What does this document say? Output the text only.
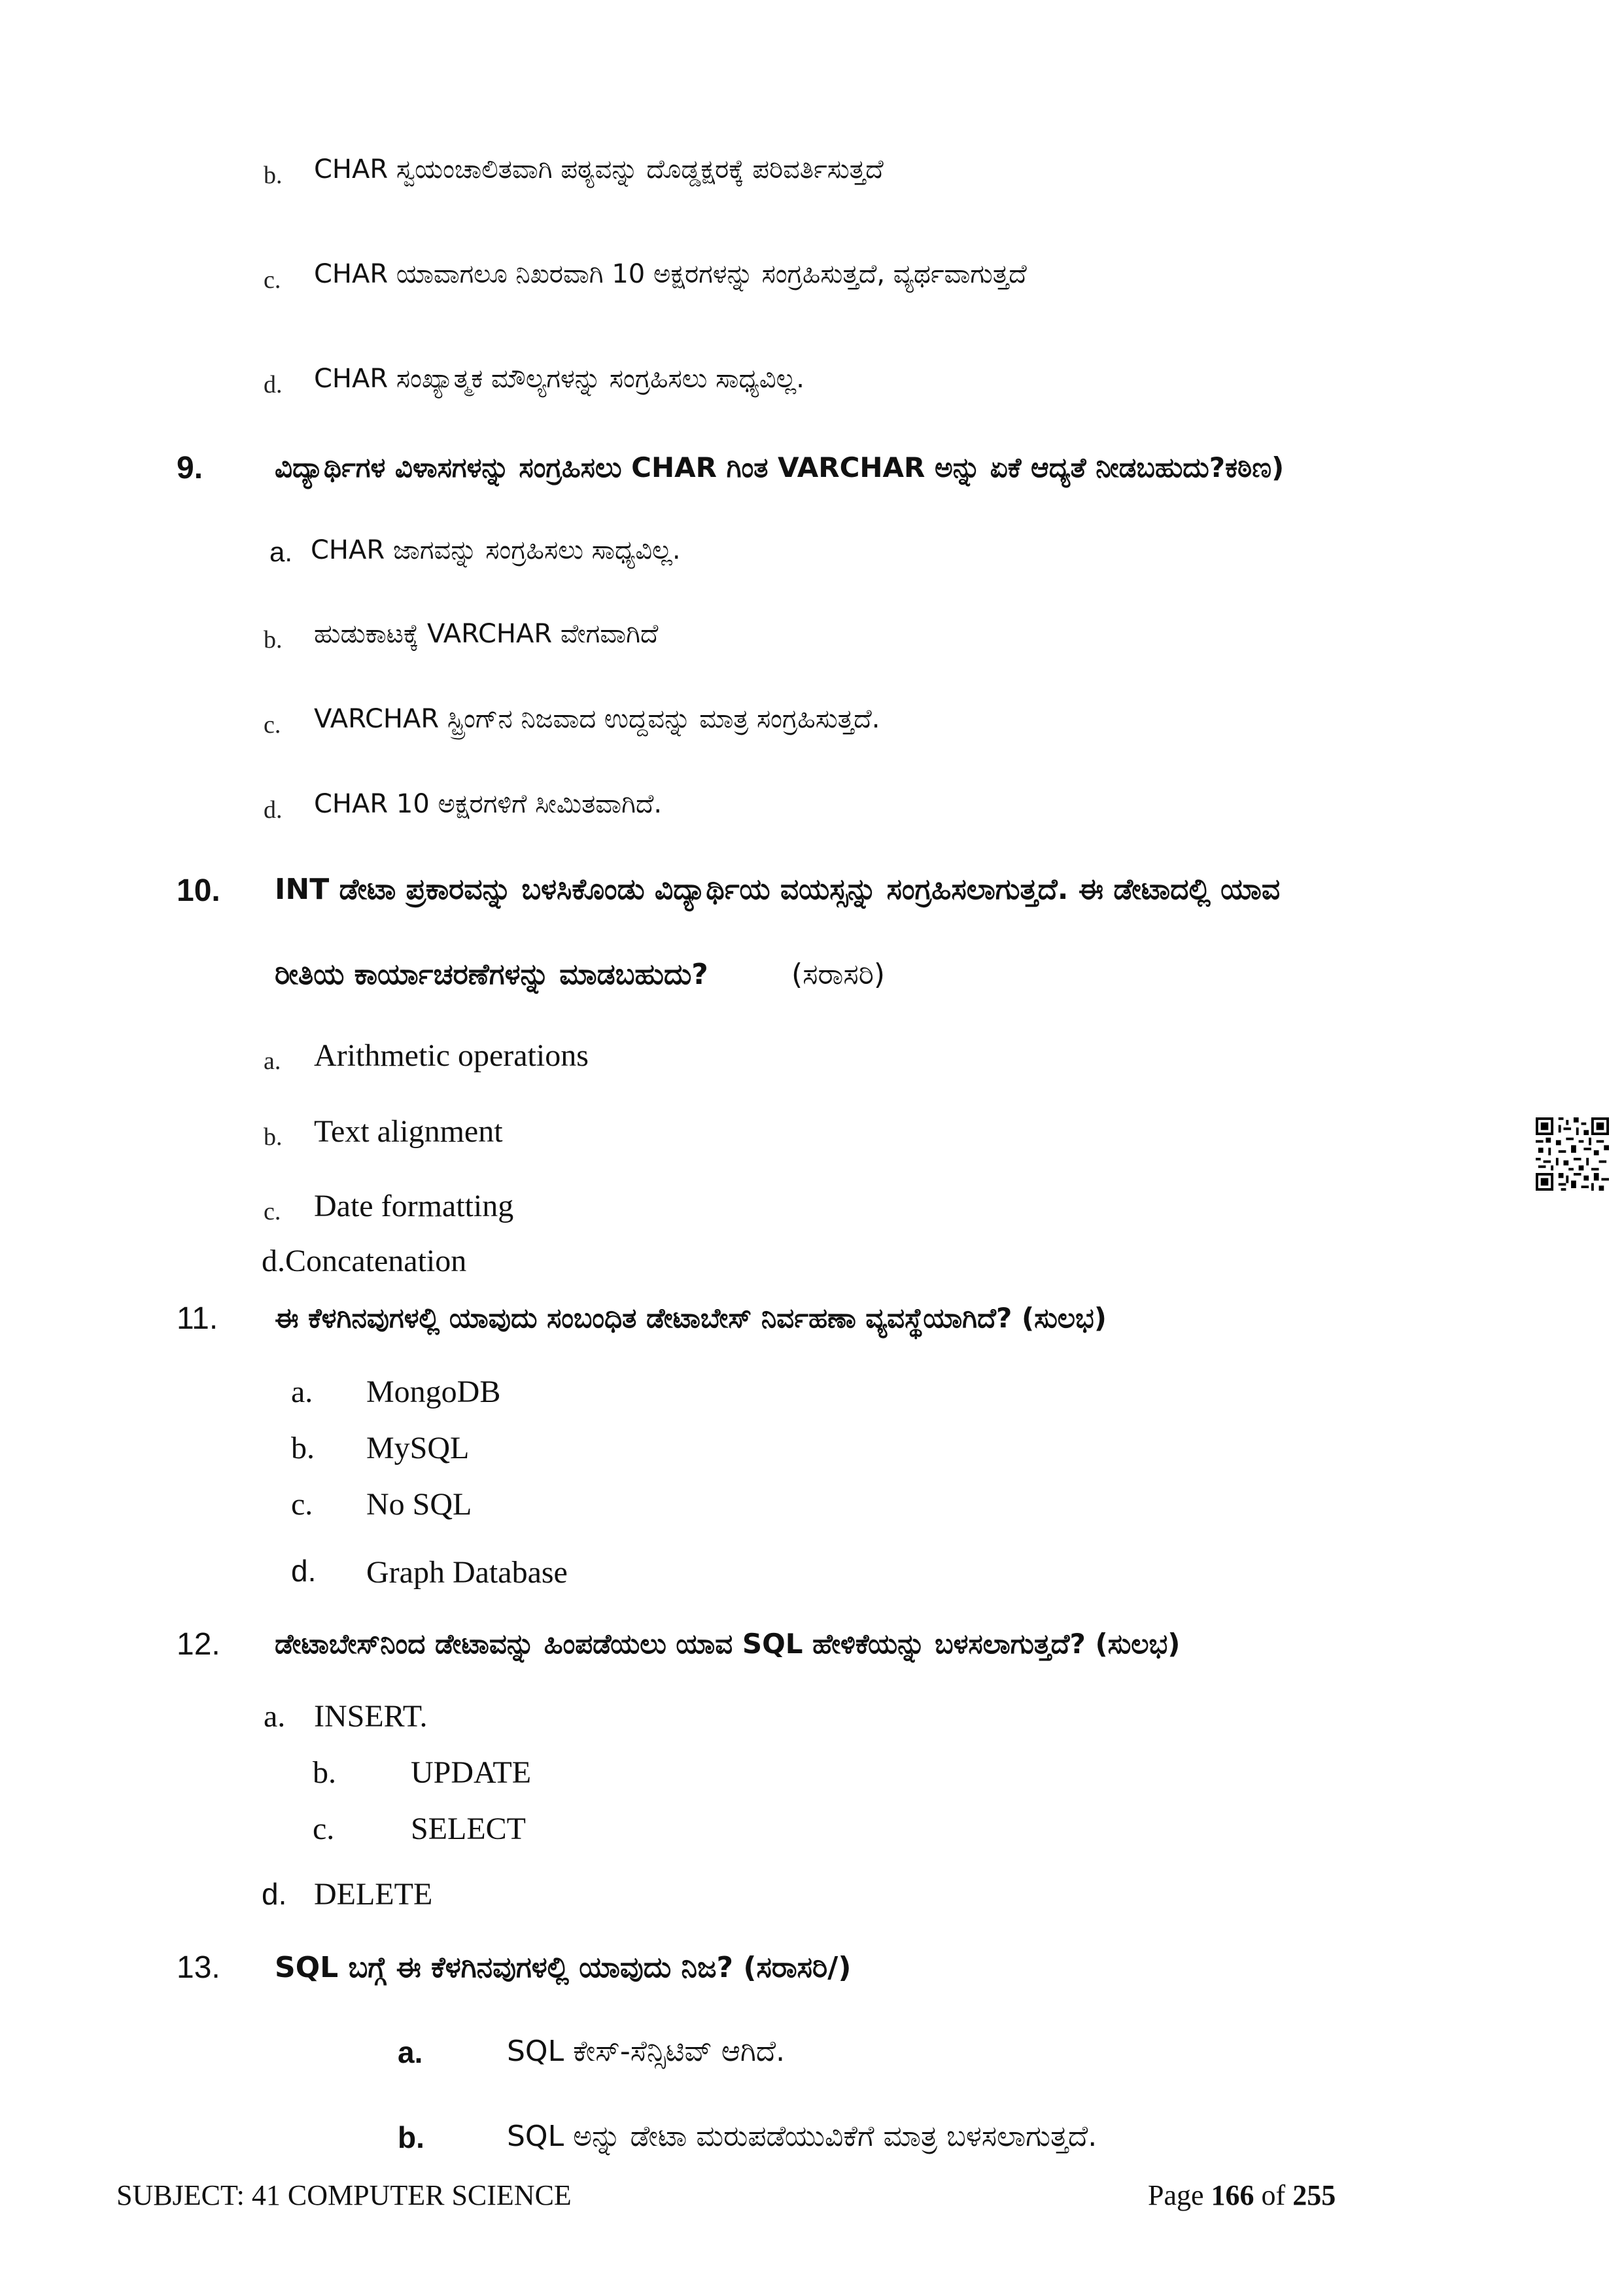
b. CHAR ಸ್ವಯಂಚಾಲಿತವಾಗಿ ಪಠ್ಯವನ್ನು ದೊಡ್ಡಕ್ಷರಕ್ಕೆ ಪರಿವರ್ತಿಸುತ್ತದೆ
c. CHAR ಯಾವಾಗಲೂ ನಿಖರವಾಗಿ 10 ಅಕ್ಷರಗಳನ್ನು ಸಂಗ್ರಹಿಸುತ್ತದೆ, ವ್ಯರ್ಥವಾಗುತ್ತದೆ
d. CHAR ಸಂಖ್ಯಾತ್ಮಕ ಮೌಲ್ಯಗಳನ್ನು ಸಂಗ್ರಹಿಸಲು ಸಾಧ್ಯವಿಲ್ಲ.
9.	ವಿದ್ಯಾರ್ಥಿಗಳ ವಿಳಾಸಗಳನ್ನು ಸಂಗ್ರಹಿಸಲು CHAR ಗಿಂತ VARCHAR ಅನ್ನು ಏಕೆ ಆದ್ಯತೆ ನೀಡಬಹುದು?ಕಠಿಣ)
a. CHAR ಜಾಗವನ್ನು ಸಂಗ್ರಹಿಸಲು ಸಾಧ್ಯವಿಲ್ಲ.
b. ಹುಡುಕಾಟಕ್ಕೆ VARCHAR ವೇಗವಾಗಿದೆ
c. VARCHAR ಸ್ಟ್ರಿಂಗ್‌ನ ನಿಜವಾದ ಉದ್ದವನ್ನು ಮಾತ್ರ ಸಂಗ್ರಹಿಸುತ್ತದೆ.
d. CHAR 10 ಅಕ್ಷರಗಳಿಗೆ ಸೀಮಿತವಾಗಿದೆ.
10. INT ಡೇಟಾ ಪ್ರಕಾರವನ್ನು ಬಳಸಿಕೊಂಡು ವಿದ್ಯಾರ್ಥಿಯ ವಯಸ್ಸನ್ನು ಸಂಗ್ರಹಿಸಲಾಗುತ್ತದೆ. ಈ ಡೇಟಾದಲ್ಲಿ ಯಾವ
ರೀತಿಯ ಕಾರ್ಯಾಚರಣೆಗಳನ್ನು ಮಾಡಬಹುದು?	(ಸರಾಸರಿ)
a. Arithmetic operations
b. Text alignment
c. Date formatting
d.Concatenation
11. ಈ ಕೆಳಗಿನವುಗಳಲ್ಲಿ ಯಾವುದು ಸಂಬಂಧಿತ ಡೇಟಾಬೇಸ್ ನಿರ್ವಹಣಾ ವ್ಯವಸ್ಥೆಯಾಗಿದೆ? (ಸುಲಭ)
a. MongoDB
b. MySQL
c. No SQL
d. Graph Database
12. ಡೇಟಾಬೇಸ್‌ನಿಂದ ಡೇಟಾವನ್ನು ಹಿಂಪಡೆಯಲು ಯಾವ SQL ಹೇಳಿಕೆಯನ್ನು ಬಳಸಲಾಗುತ್ತದೆ? (ಸುಲಭ)
a. INSERT.
b. UPDATE
c. SELECT
d. DELETE
13. SQL ಬಗ್ಗೆ ಈ ಕೆಳಗಿನವುಗಳಲ್ಲಿ ಯಾವುದು ನಿಜ? (ಸರಾಸರಿ/)
a.	SQL ಕೇಸ್-ಸೆನ್ಸಿಟಿವ್ ಆಗಿದೆ.
b.	SQL ಅನ್ನು ಡೇಟಾ ಮರುಪಡೆಯುವಿಕೆಗೆ ಮಾತ್ರ ಬಳಸಲಾಗುತ್ತದೆ.
SUBJECT: 41 COMPUTER SCIENCE	Page 166 of 255
